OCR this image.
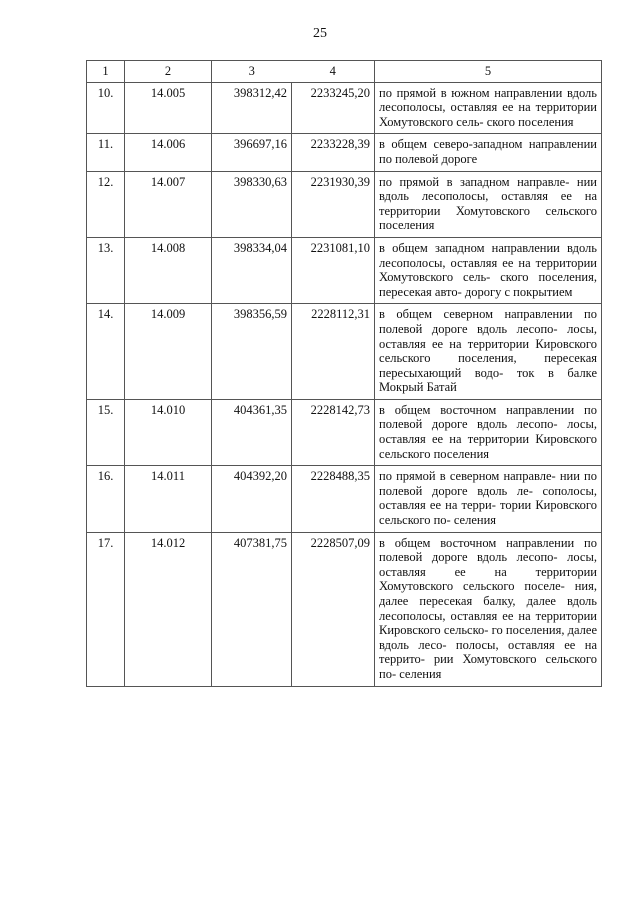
25
1	2	3	4	5
10.	14.005	398312,42	2233245,20	по прямой в южном направлении вдоль лесополосы, оставляя ее на территории Хомутовского сель- ского поселения
11.	14.006	396697,16	2233228,39	в общем северо-западном направлении по полевой дороге
12.	14.007	398330,63	2231930,39	по прямой в западном направле- нии вдоль лесополосы, оставляя ее на территории Хомутовского сельского поселения
13.	14.008	398334,04	2231081,10	в общем западном направлении вдоль лесополосы, оставляя ее на территории Хомутовского сель- ского поселения, пересекая авто- дорогу с покрытием
14.	14.009	398356,59	2228112,31	в общем северном направлении по полевой дороге вдоль лесопо- лосы, оставляя ее на территории Кировского сельского поселения, пересекая пересыхающий водо- ток в балке Мокрый Батай
15.	14.010	404361,35	2228142,73	в общем восточном направлении по полевой дороге вдоль лесопо- лосы, оставляя ее на территории Кировского сельского поселения
16.	14.011	404392,20	2228488,35	по прямой в северном направле- нии по полевой дороге вдоль ле- сополосы, оставляя ее на терри- тории Кировского сельского по- селения
17.	14.012	407381,75	2228507,09	в общем восточном направлении по полевой дороге вдоль лесопо- лосы, оставляя ее на территории Хомутовского сельского поселе- ния, далее пересекая балку, далее вдоль лесополосы, оставляя ее на территории Кировского сельско- го поселения, далее вдоль лесо- полосы, оставляя ее на террито- рии Хомутовского сельского по- селения
